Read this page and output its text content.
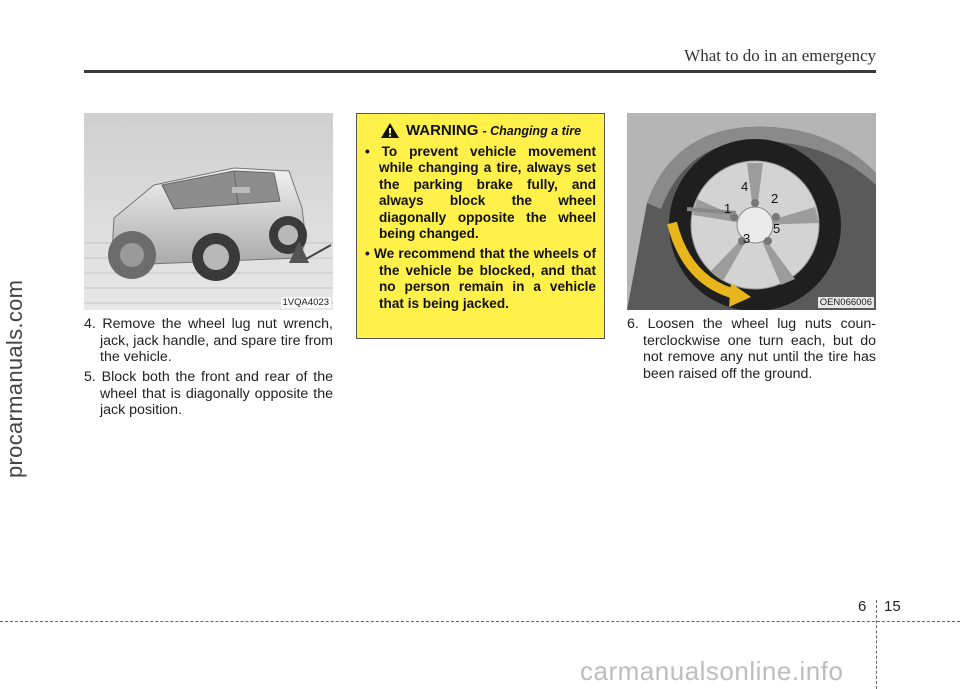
procarmanuals.com
What to do in an emergency
1VQA4023
4. Remove the wheel lug nut wrench, jack, jack handle, and spare tire from the vehicle.
5. Block both the front and rear of the wheel that is diagonally opposite the jack position.
WARNING - Changing a tire
• To prevent vehicle movement while changing a tire, always set the parking brake fully, and always block the wheel diagonally opposite the wheel being changed.
• We recommend that the wheels of the vehicle be blocked, and that no person remain in a vehicle that is being jacked.
4
2
1
5
3
OEN066006
6. Loosen the wheel lug nuts coun-terclockwise one turn each, but do not remove any nut until the tire has been raised off the ground.
6 15
carmanualsonline.info
